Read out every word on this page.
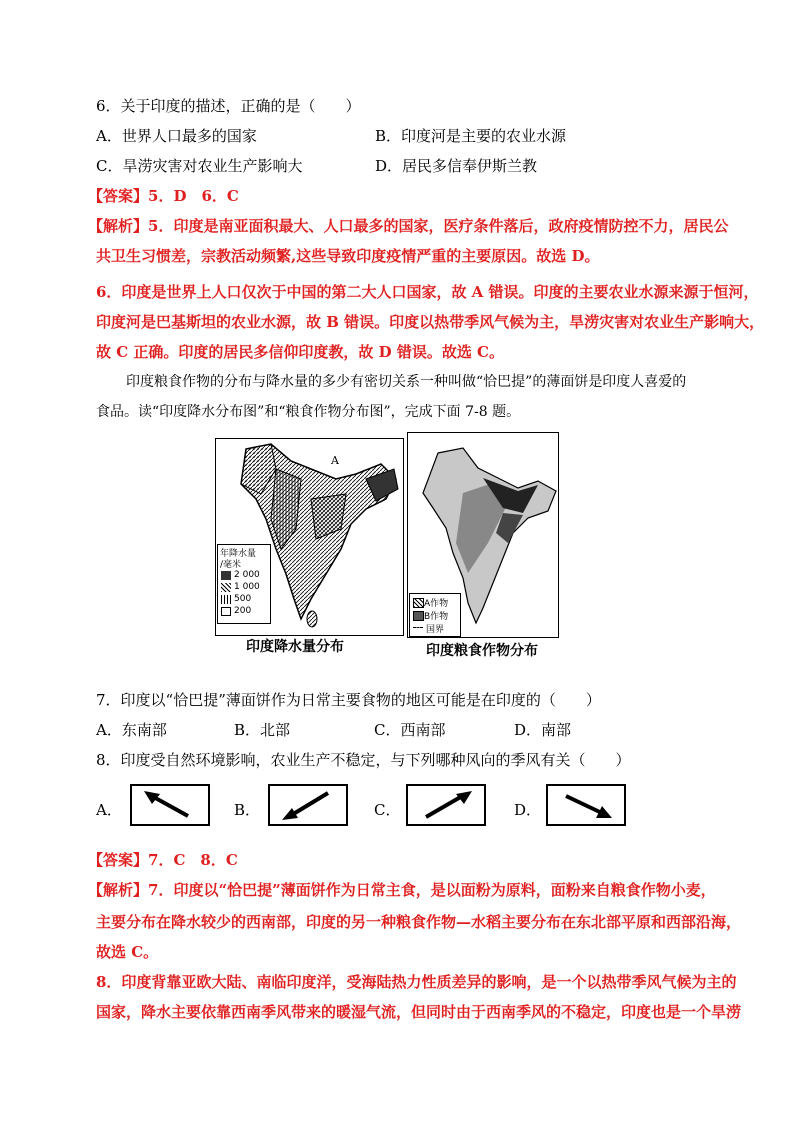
6．关于印度的描述，正确的是（　　）
A．世界人口最多的国家	B．印度河是主要的农业水源
C．旱涝灾害对农业生产影响大	D．居民多信奉伊斯兰教
【答案】5．D　6．C
【解析】5．印度是南亚面积最大、人口最多的国家，医疗条件落后，政府疫情防控不力，居民公
共卫生习惯差，宗教活动频繁,这些导致印度疫情严重的主要原因。故选 D。
6．印度是世界上人口仅次于中国的第二大人口国家，故 A 错误。印度的主要农业水源来源于恒河，
印度河是巴基斯坦的农业水源，故 B 错误。印度以热带季风气候为主，旱涝灾害对农业生产影响大，
故 C 正确。印度的居民多信仰印度教，故 D 错误。故选 C。
印度粮食作物的分布与降水量的多少有密切关系一种叫做“恰巴提”的薄面饼是印度人喜爱的
食品。读“印度降水分布图”和“粮食作物分布图”，完成下面 7-8 题。
A
年降水量
/毫米
2 000
1 000
500
200
印度降水量分布
A作物
B作物
国界
印度粮食作物分布
7．印度以“恰巴提”薄面饼作为日常主要食物的地区可能是在印度的（　　）
A．东南部	B．北部	C．西南部	D．南部
8．印度受自然环境影响，农业生产不稳定，与下列哪种风向的季风有关（　　）
A．	B．	C．	D．
【答案】7．C　8．C
【解析】7．印度以“恰巴提”薄面饼作为日常主食，是以面粉为原料，面粉来自粮食作物小麦，
主要分布在降水较少的西南部，印度的另一种粮食作物—水稻主要分布在东北部平原和西部沿海，
故选 C。
8．印度背靠亚欧大陆、南临印度洋，受海陆热力性质差异的影响，是一个以热带季风气候为主的
国家，降水主要依靠西南季风带来的暖湿气流，但同时由于西南季风的不稳定，印度也是一个旱涝
